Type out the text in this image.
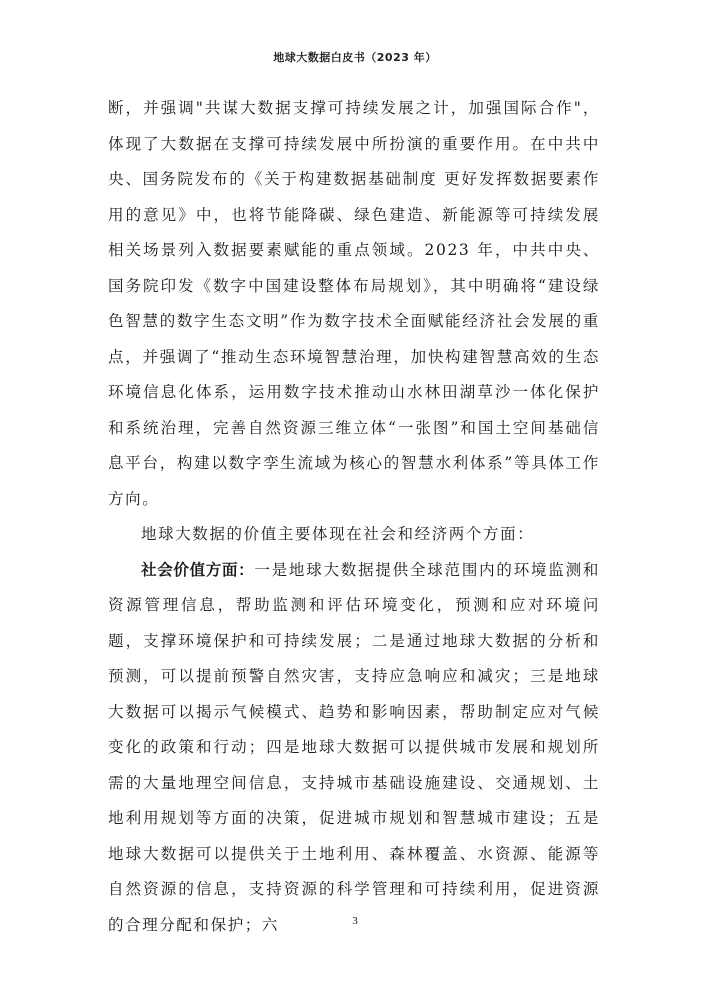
地球大数据白皮书（2023 年）

断，并强调"共谋大数据支撑可持续发展之计，加强国际合作"，体现了大数据在支撑可持续发展中所扮演的重要作用。在中共中央、国务院发布的《关于构建数据基础制度 更好发挥数据要素作用的意见》中，也将节能降碳、绿色建造、新能源等可持续发展相关场景列入数据要素赋能的重点领域。2023 年，中共中央、国务院印发《数字中国建设整体布局规划》，其中明确将“建设绿色智慧的数字生态文明”作为数字技术全面赋能经济社会发展的重点，并强调了“推动生态环境智慧治理，加快构建智慧高效的生态环境信息化体系，运用数字技术推动山水林田湖草沙一体化保护和系统治理，完善自然资源三维立体“一张图”和国土空间基础信息平台，构建以数字孪生流域为核心的智慧水利体系”等具体工作方向。

地球大数据的价值主要体现在社会和经济两个方面：

社会价值方面：一是地球大数据提供全球范围内的环境监测和资源管理信息，帮助监测和评估环境变化，预测和应对环境问题，支撑环境保护和可持续发展；二是通过地球大数据的分析和预测，可以提前预警自然灾害，支持应急响应和减灾；三是地球大数据可以揭示气候模式、趋势和影响因素，帮助制定应对气候变化的政策和行动；四是地球大数据可以提供城市发展和规划所需的大量地理空间信息，支持城市基础设施建设、交通规划、土地利用规划等方面的决策，促进城市规划和智慧城市建设；五是地球大数据可以提供关于土地利用、森林覆盖、水资源、能源等自然资源的信息，支持资源的科学管理和可持续利用，促进资源的合理分配和保护；六	3
